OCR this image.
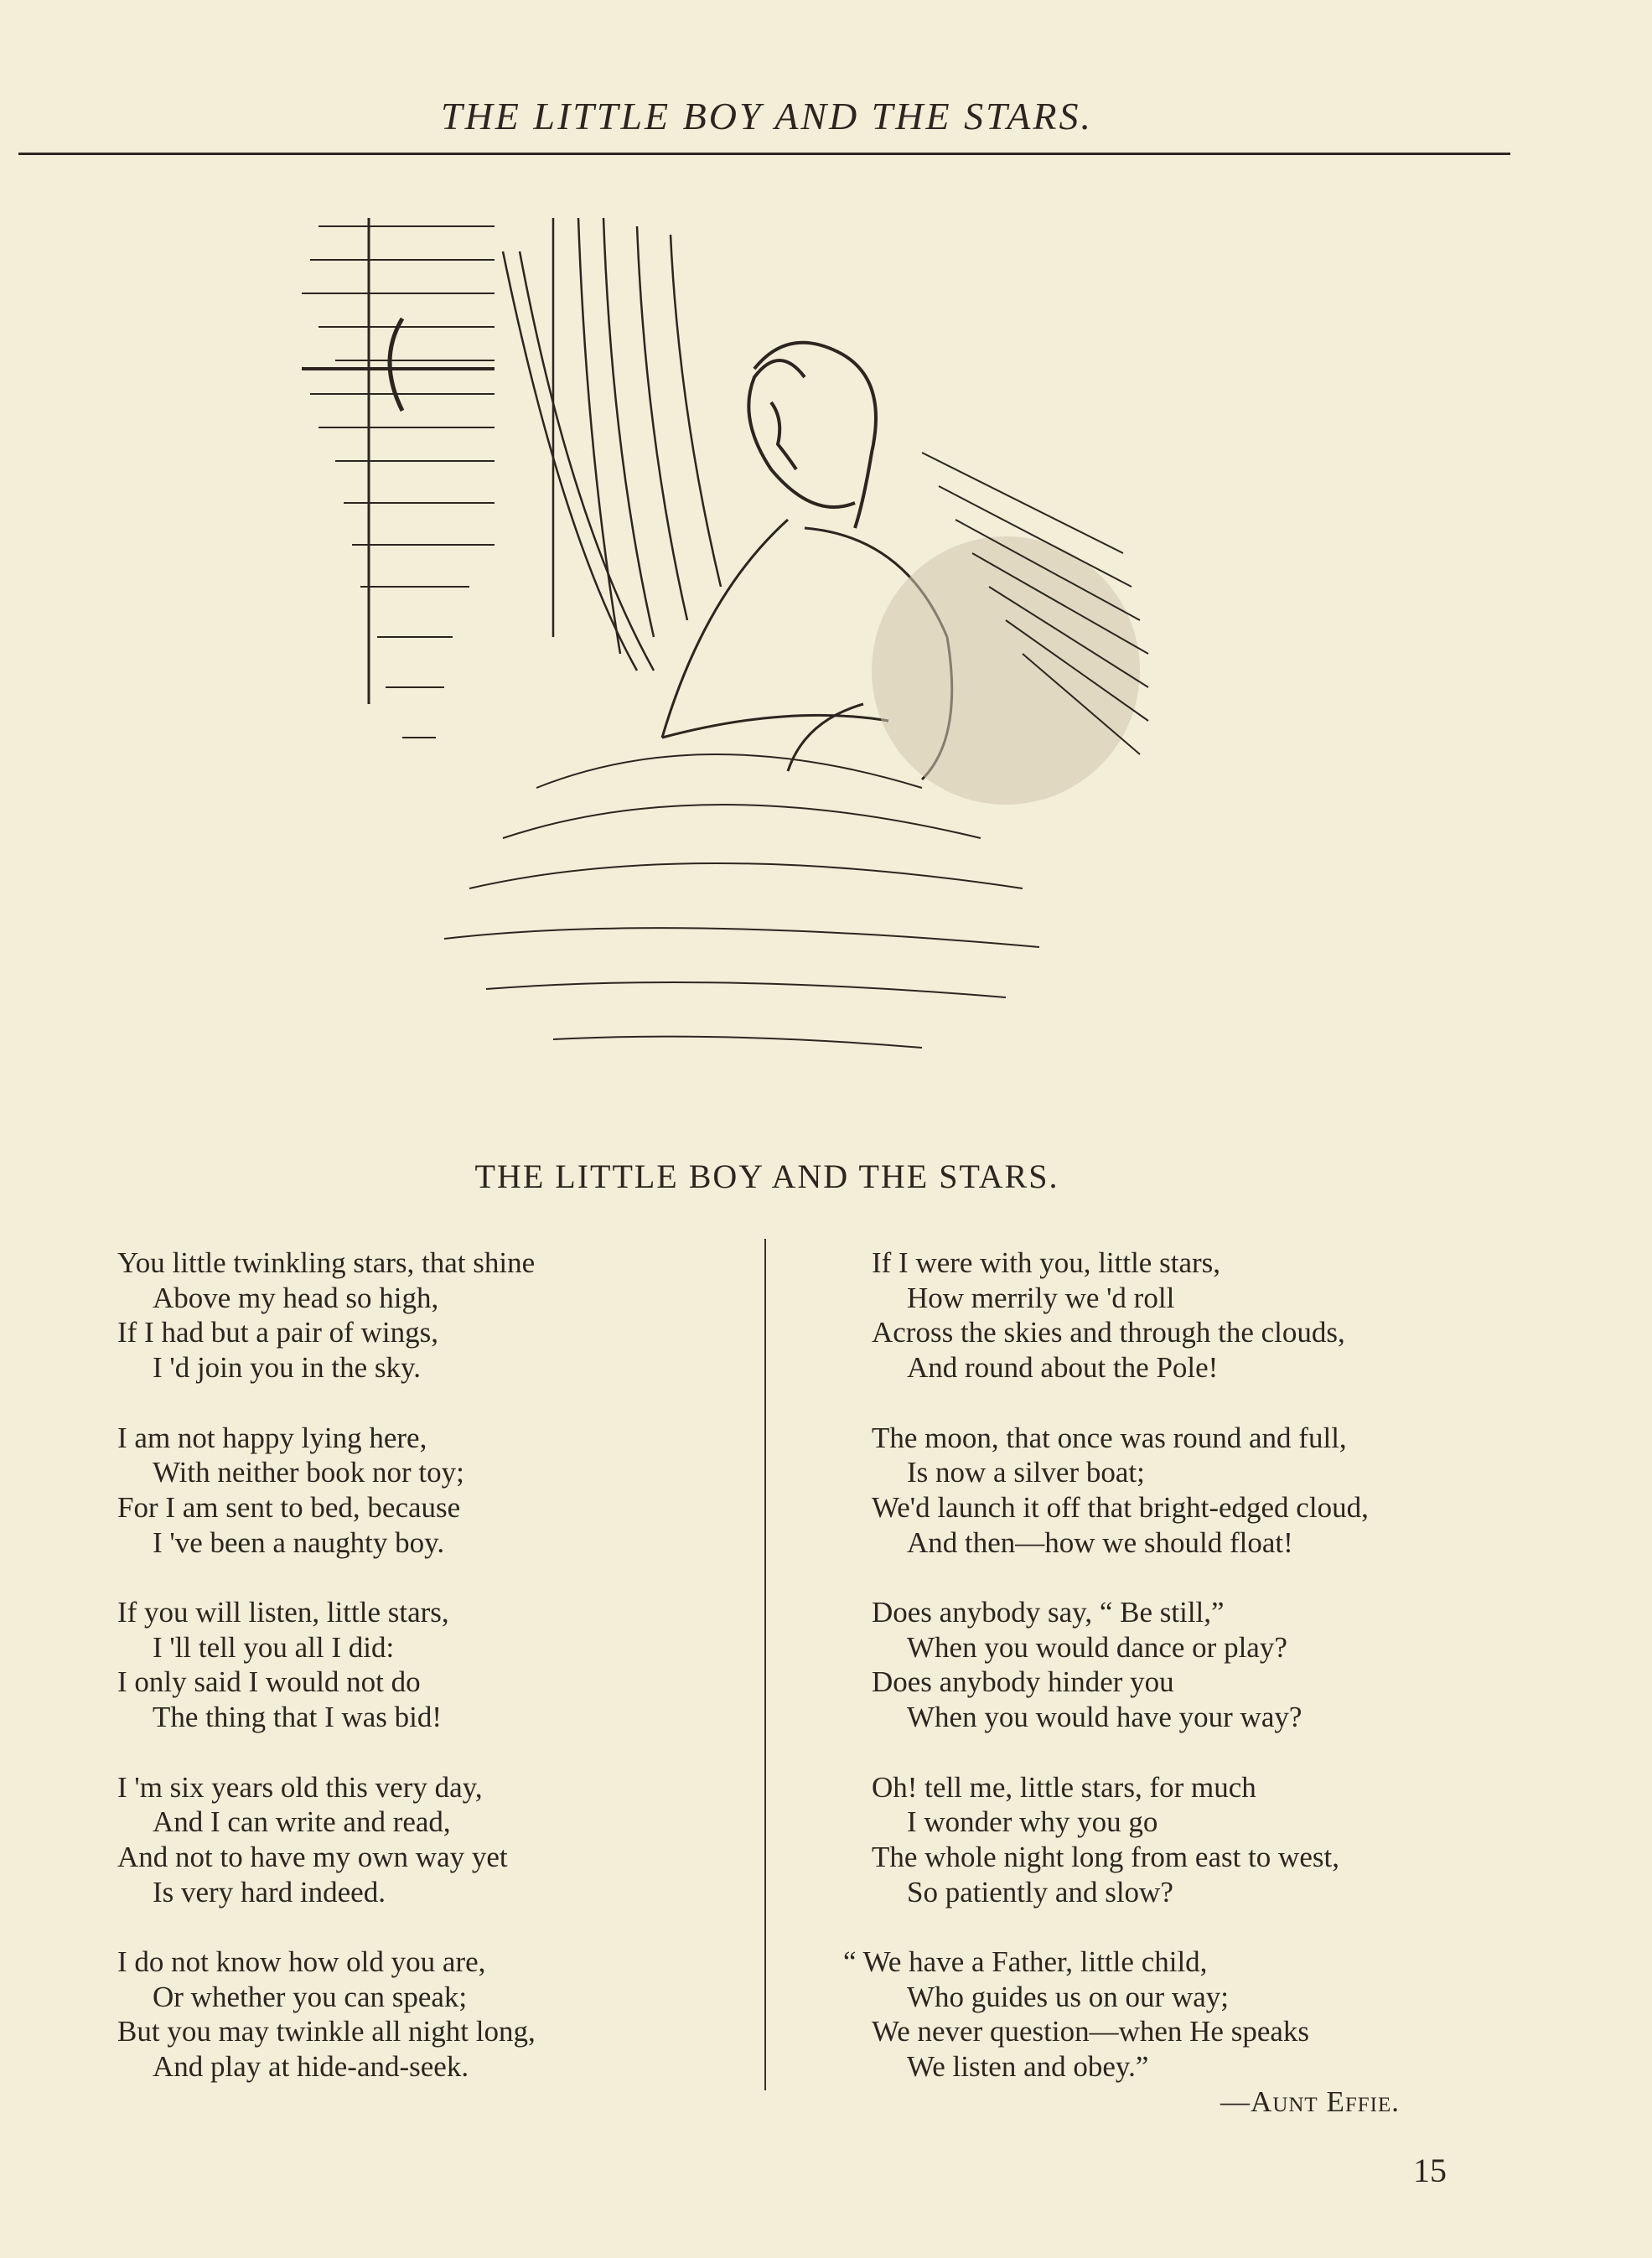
THE LITTLE BOY AND THE STARS.
THE LITTLE BOY AND THE STARS.
You little twinkling stars, that shine
Above my head so high,
If I had but a pair of wings,
I 'd join you in the sky.
I am not happy lying here,
With neither book nor toy;
For I am sent to bed, because
I 've been a naughty boy.
If you will listen, little stars,
I 'll tell you all I did:
I only said I would not do
The thing that I was bid!
I 'm six years old this very day,
And I can write and read,
And not to have my own way yet
Is very hard indeed.
I do not know how old you are,
Or whether you can speak;
But you may twinkle all night long,
And play at hide-and-seek.
If I were with you, little stars,
How merrily we 'd roll
Across the skies and through the clouds,
And round about the Pole!
The moon, that once was round and full,
Is now a silver boat;
We'd launch it off that bright-edged cloud,
And then—how we should float!
Does anybody say, “ Be still,”
When you would dance or play?
Does anybody hinder you
When you would have your way?
Oh! tell me, little stars, for much
I wonder why you go
The whole night long from east to west,
So patiently and slow?
“ We have a Father, little child,
Who guides us on our way;
We never question—when He speaks
We listen and obey.”
—Aunt Effie.
15
